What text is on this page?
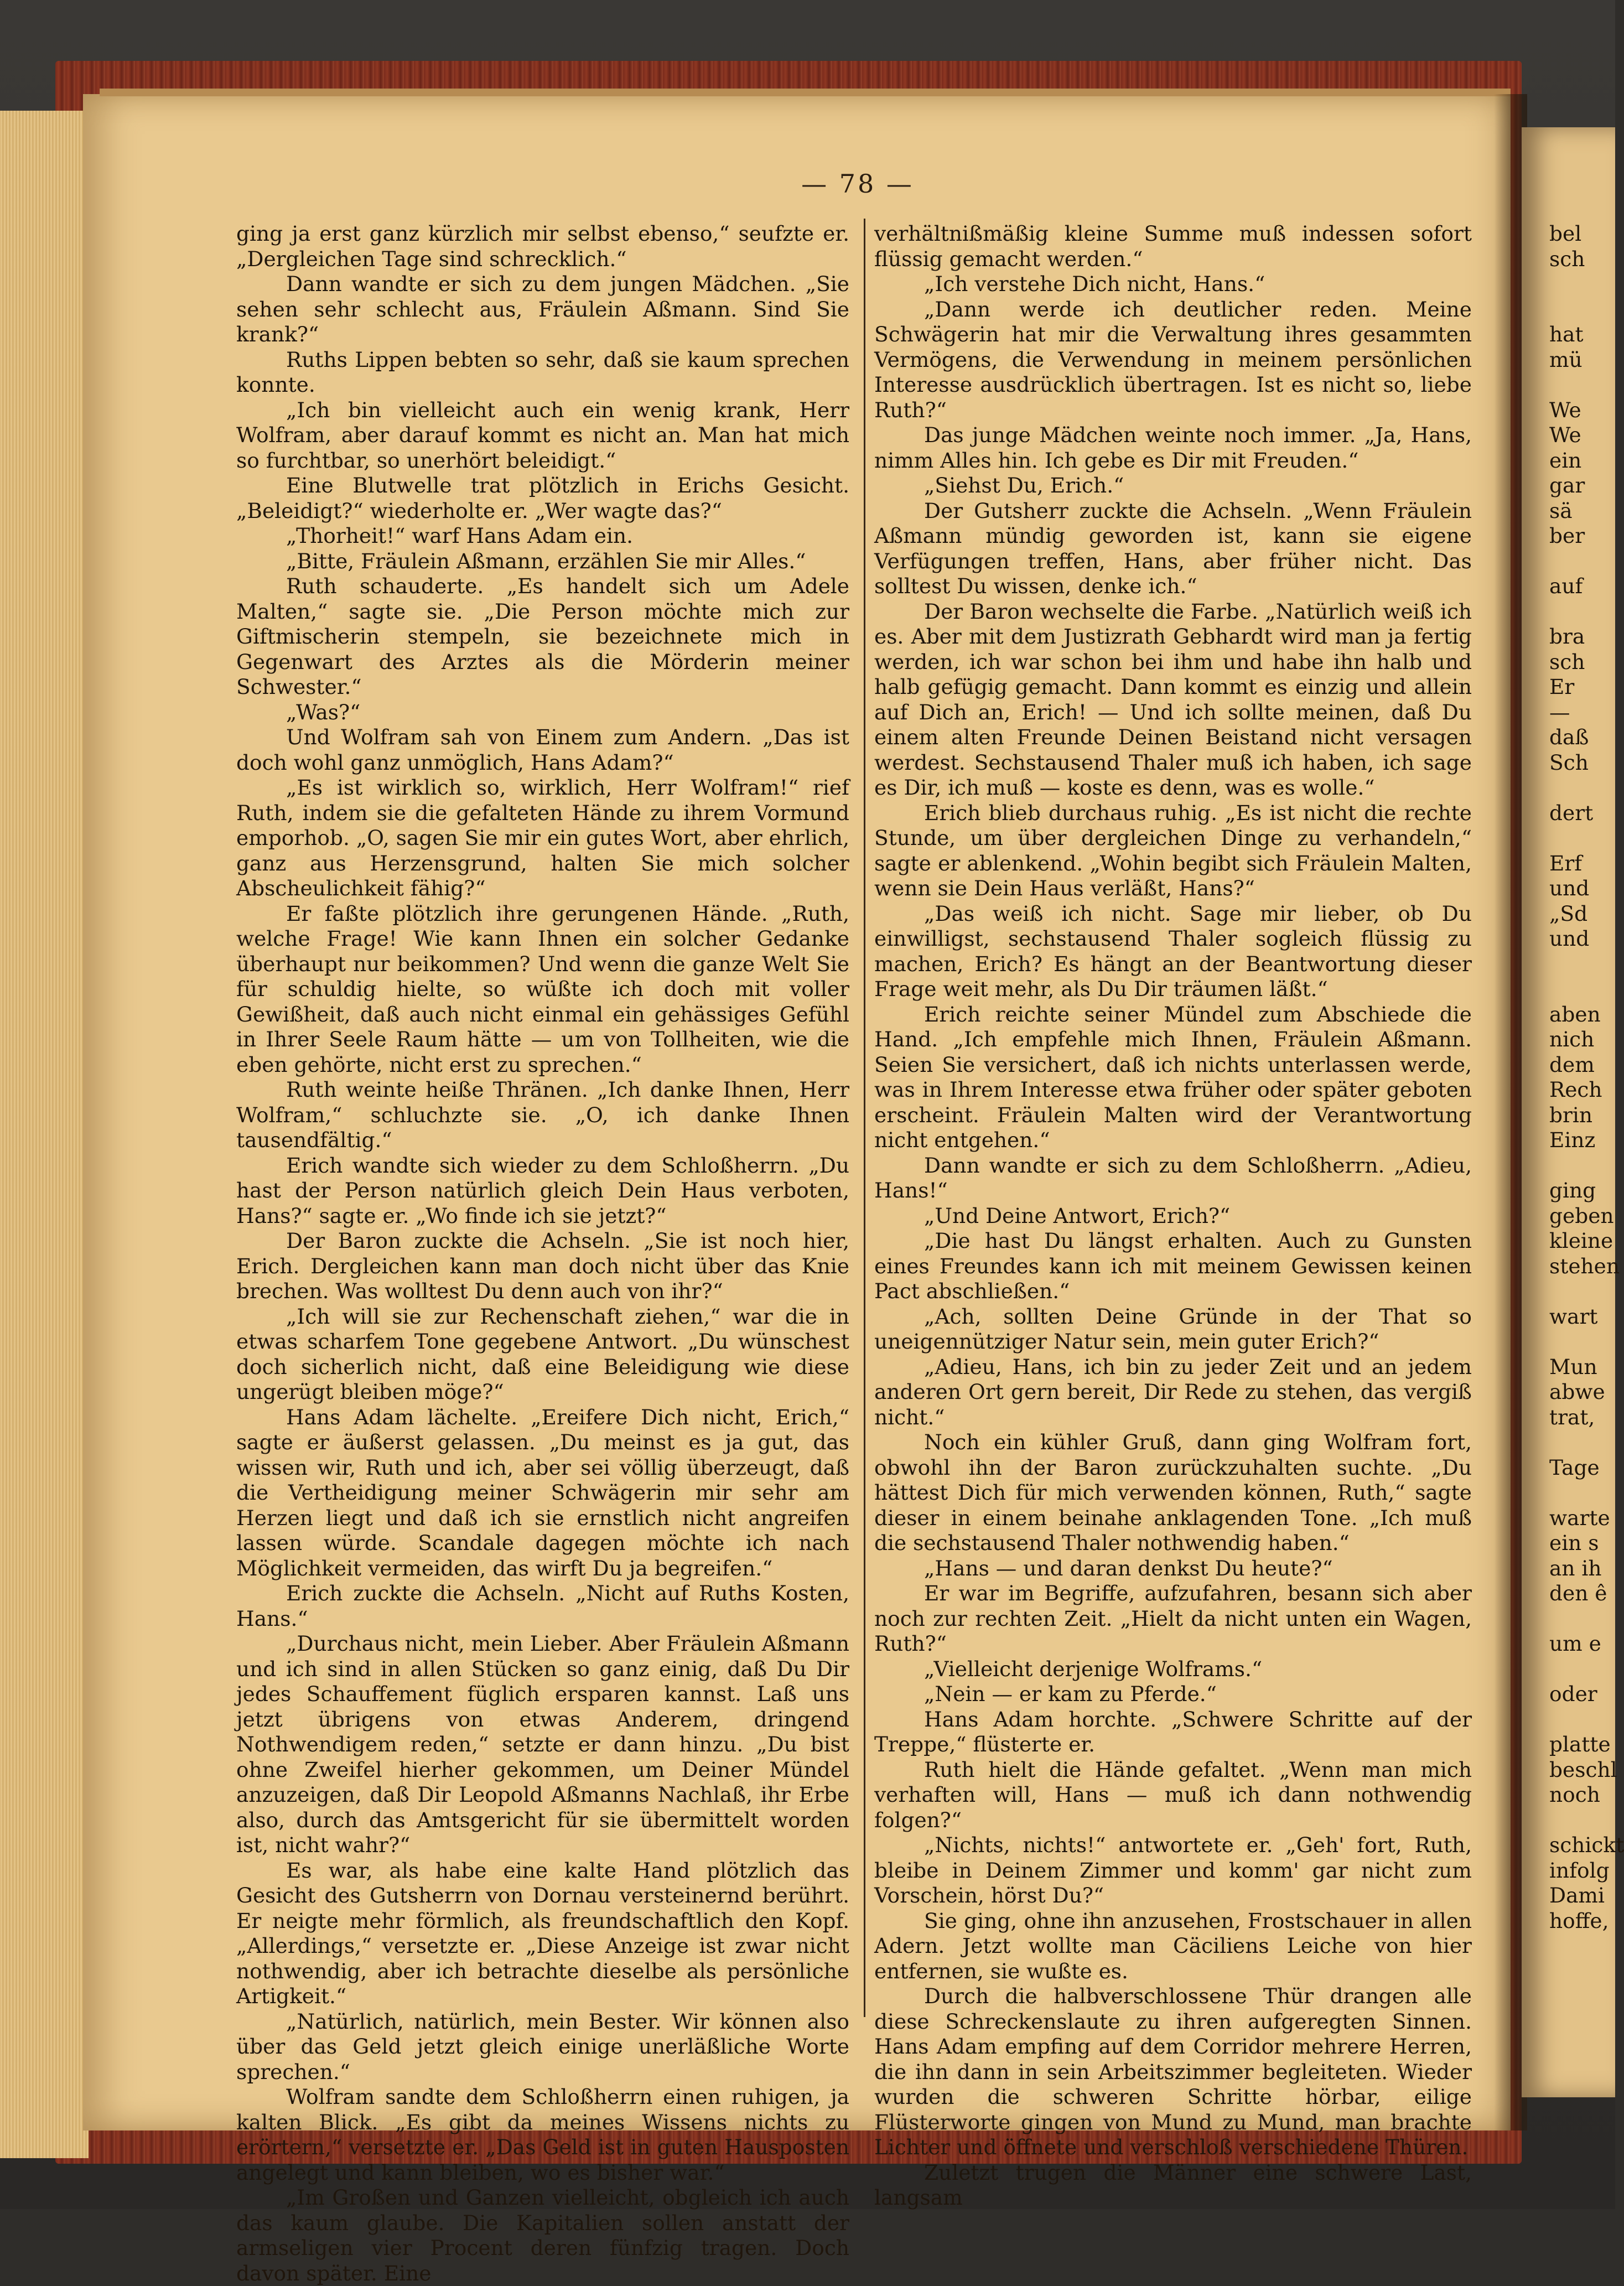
— 78 —

ging ja erst ganz kürzlich mir selbst ebenso,“ seufzte er. „Dergleichen Tage sind schrecklich.“

Dann wandte er sich zu dem jungen Mädchen. „Sie sehen sehr schlecht aus, Fräulein Aßmann. Sind Sie krank?“

Ruths Lippen bebten so sehr, daß sie kaum sprechen konnte.

„Ich bin vielleicht auch ein wenig krank, Herr Wolfram, aber darauf kommt es nicht an. Man hat mich so furchtbar, so unerhört beleidigt.“

Eine Blutwelle trat plötzlich in Erichs Gesicht. „Beleidigt?“ wiederholte er. „Wer wagte das?“

„Thorheit!“ warf Hans Adam ein.

„Bitte, Fräulein Aßmann, erzählen Sie mir Alles.“

Ruth schauderte. „Es handelt sich um Adele Malten,“ sagte sie. „Die Person möchte mich zur Giftmischerin stempeln, sie bezeichnete mich in Gegenwart des Arztes als die Mörderin meiner Schwester.“

„Was?“

Und Wolfram sah von Einem zum Andern. „Das ist doch wohl ganz unmöglich, Hans Adam?“

„Es ist wirklich so, wirklich, Herr Wolfram!“ rief Ruth, indem sie die gefalteten Hände zu ihrem Vormund emporhob. „O, sagen Sie mir ein gutes Wort, aber ehrlich, ganz aus Herzensgrund, halten Sie mich solcher Abscheulichkeit fähig?“

Er faßte plötzlich ihre gerungenen Hände. „Ruth, welche Frage! Wie kann Ihnen ein solcher Gedanke überhaupt nur beikommen? Und wenn die ganze Welt Sie für schuldig hielte, so wüßte ich doch mit voller Gewißheit, daß auch nicht einmal ein gehässiges Gefühl in Ihrer Seele Raum hätte — um von Tollheiten, wie die eben gehörte, nicht erst zu sprechen.“

Ruth weinte heiße Thränen. „Ich danke Ihnen, Herr Wolfram,“ schluchzte sie. „O, ich danke Ihnen tausendfältig.“

Erich wandte sich wieder zu dem Schloßherrn. „Du hast der Person natürlich gleich Dein Haus verboten, Hans?“ sagte er. „Wo finde ich sie jetzt?“

Der Baron zuckte die Achseln. „Sie ist noch hier, Erich. Dergleichen kann man doch nicht über das Knie brechen. Was wolltest Du denn auch von ihr?“

„Ich will sie zur Rechenschaft ziehen,“ war die in etwas scharfem Tone gegebene Antwort. „Du wünschest doch sicherlich nicht, daß eine Beleidigung wie diese ungerügt bleiben möge?“

Hans Adam lächelte. „Ereifere Dich nicht, Erich,“ sagte er äußerst gelassen. „Du meinst es ja gut, das wissen wir, Ruth und ich, aber sei völlig überzeugt, daß die Vertheidigung meiner Schwägerin mir sehr am Herzen liegt und daß ich sie ernstlich nicht angreifen lassen würde. Scandale dagegen möchte ich nach Möglichkeit vermeiden, das wirft Du ja begreifen.“

Erich zuckte die Achseln. „Nicht auf Ruths Kosten, Hans.“

„Durchaus nicht, mein Lieber. Aber Fräulein Aßmann und ich sind in allen Stücken so ganz einig, daß Du Dir jedes Schauffement füglich ersparen kannst. Laß uns jetzt übrigens von etwas Anderem, dringend Nothwendigem reden,“ setzte er dann hinzu. „Du bist ohne Zweifel hierher gekommen, um Deiner Mündel anzuzeigen, daß Dir Leopold Aßmanns Nachlaß, ihr Erbe also, durch das Amtsgericht für sie übermittelt worden ist, nicht wahr?“

Es war, als habe eine kalte Hand plötzlich das Gesicht des Gutsherrn von Dornau versteinernd berührt. Er neigte mehr förmlich, als freundschaftlich den Kopf. „Allerdings,“ versetzte er. „Diese Anzeige ist zwar nicht nothwendig, aber ich betrachte dieselbe als persönliche Artigkeit.“

„Natürlich, natürlich, mein Bester. Wir können also über das Geld jetzt gleich einige unerläßliche Worte sprechen.“

Wolfram sandte dem Schloßherrn einen ruhigen, ja kalten Blick. „Es gibt da meines Wissens nichts zu erörtern,“ versetzte er. „Das Geld ist in guten Hausposten angelegt und kann bleiben, wo es bisher war.“

„Im Großen und Ganzen vielleicht, obgleich ich auch das kaum glaube. Die Kapitalien sollen anstatt der armseligen vier Procent deren fünfzig tragen. Doch davon später. Eine

verhältnißmäßig kleine Summe muß indessen sofort flüssig gemacht werden.“

„Ich verstehe Dich nicht, Hans.“

„Dann werde ich deutlicher reden. Meine Schwägerin hat mir die Verwaltung ihres gesammten Vermögens, die Verwendung in meinem persönlichen Interesse ausdrücklich übertragen. Ist es nicht so, liebe Ruth?“

Das junge Mädchen weinte noch immer. „Ja, Hans, nimm Alles hin. Ich gebe es Dir mit Freuden.“

„Siehst Du, Erich.“

Der Gutsherr zuckte die Achseln. „Wenn Fräulein Aßmann mündig geworden ist, kann sie eigene Verfügungen treffen, Hans, aber früher nicht. Das solltest Du wissen, denke ich.“

Der Baron wechselte die Farbe. „Natürlich weiß ich es. Aber mit dem Justizrath Gebhardt wird man ja fertig werden, ich war schon bei ihm und habe ihn halb und halb gefügig gemacht. Dann kommt es einzig und allein auf Dich an, Erich! — Und ich sollte meinen, daß Du einem alten Freunde Deinen Beistand nicht versagen werdest. Sechstausend Thaler muß ich haben, ich sage es Dir, ich muß — koste es denn, was es wolle.“

Erich blieb durchaus ruhig. „Es ist nicht die rechte Stunde, um über dergleichen Dinge zu verhandeln,“ sagte er ablenkend. „Wohin begibt sich Fräulein Malten, wenn sie Dein Haus verläßt, Hans?“

„Das weiß ich nicht. Sage mir lieber, ob Du einwilligst, sechstausend Thaler sogleich flüssig zu machen, Erich? Es hängt an der Beantwortung dieser Frage weit mehr, als Du Dir träumen läßt.“

Erich reichte seiner Mündel zum Abschiede die Hand. „Ich empfehle mich Ihnen, Fräulein Aßmann. Seien Sie versichert, daß ich nichts unterlassen werde, was in Ihrem Interesse etwa früher oder später geboten erscheint. Fräulein Malten wird der Verantwortung nicht entgehen.“

Dann wandte er sich zu dem Schloßherrn. „Adieu, Hans!“

„Und Deine Antwort, Erich?“

„Die hast Du längst erhalten. Auch zu Gunsten eines Freundes kann ich mit meinem Gewissen keinen Pact abschließen.“

„Ach, sollten Deine Gründe in der That so uneigennütziger Natur sein, mein guter Erich?“

„Adieu, Hans, ich bin zu jeder Zeit und an jedem anderen Ort gern bereit, Dir Rede zu stehen, das vergiß nicht.“

Noch ein kühler Gruß, dann ging Wolfram fort, obwohl ihn der Baron zurückzuhalten suchte. „Du hättest Dich für mich verwenden können, Ruth,“ sagte dieser in einem beinahe anklagenden Tone. „Ich muß die sechstausend Thaler nothwendig haben.“

„Hans — und daran denkst Du heute?“

Er war im Begriffe, aufzufahren, besann sich aber noch zur rechten Zeit. „Hielt da nicht unten ein Wagen, Ruth?“

„Vielleicht derjenige Wolframs.“

„Nein — er kam zu Pferde.“

Hans Adam horchte. „Schwere Schritte auf der Treppe,“ flüsterte er.

Ruth hielt die Hände gefaltet. „Wenn man mich verhaften will, Hans — muß ich dann nothwendig folgen?“

„Nichts, nichts!“ antwortete er. „Geh' fort, Ruth, bleibe in Deinem Zimmer und komm' gar nicht zum Vorschein, hörst Du?“

Sie ging, ohne ihn anzusehen, Frostschauer in allen Adern. Jetzt wollte man Cäciliens Leiche von hier entfernen, sie wußte es.

Durch die halbverschlossene Thür drangen alle diese Schreckenslaute zu ihren aufgeregten Sinnen. Hans Adam empfing auf dem Corridor mehrere Herren, die ihn dann in sein Arbeitszimmer begleiteten. Wieder wurden die schweren Schritte hörbar, eilige Flüsterworte gingen von Mund zu Mund, man brachte Lichter und öffnete und verschloß verschiedene Thüren.

Zuletzt trugen die Männer eine schwere Last, langsam

bel
sch
hat
mü
We
We
ein
gar
sä
ber
auf
bra
sch
Er
—
daß
Sch
dert
Erf
und
„Sd
und
aben
nich
dem
Rech
brin
Einz
ging
geben
kleine
stehen
wart
Mun
abwe
trat,
Tage
warte
ein s
an ih
den ê
um e
oder
platte
beschl
noch
schickt
infolg
Dami
hoffe,
